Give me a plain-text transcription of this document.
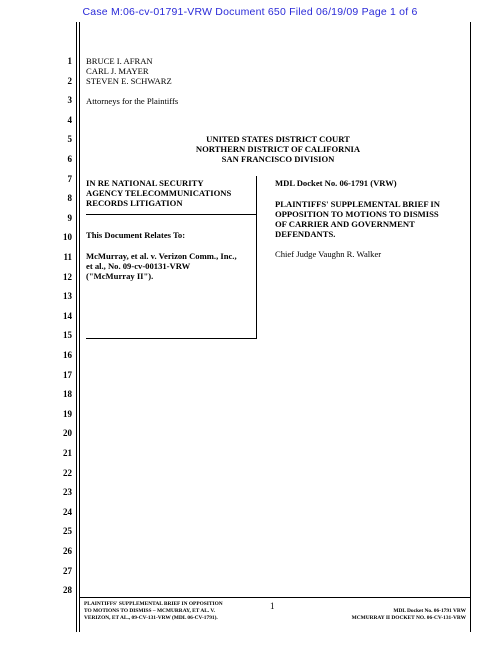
Case M:06-cv-01791-VRW Document 650 Filed 06/19/09 Page 1 of 6
1
2
3
4
5
6
7
8
9
10
11
12
13
14
15
16
17
18
19
20
21
22
23
24
25
26
27
28
BRUCE I. AFRAN
CARL J. MAYER
STEVEN E. SCHWARZ
Attorneys for the Plaintiffs
UNITED STATES DISTRICT COURT
NORTHERN DISTRICT OF CALIFORNIA
SAN FRANCISCO DIVISION
IN RE NATIONAL SECURITY
AGENCY TELECOMMUNICATIONS
RECORDS LITIGATION
This Document Relates To:
McMurray, et al. v. Verizon Comm., Inc.,
et al., No. 09-cv-00131-VRW
("McMurray II").
MDL Docket No. 06-1791 (VRW)
PLAINTIFFS' SUPPLEMENTAL BRIEF IN
OPPOSITION TO MOTIONS TO DISMISS
OF CARRIER AND GOVERNMENT
DEFENDANTS.
Chief Judge Vaughn R. Walker
PLAINTIFFS' SUPPLEMENTAL BRIEF IN OPPOSITION
TO MOTIONS TO DISMISS – MCMURRAY, ET AL. V.
VERIZON, ET AL., 09-CV-131-VRW (MDL 06-CV-1791).
1	MDL Docket No. 06-1791 VRW
MCMURRAY II DOCKET NO. 06-CV-131-VRW
